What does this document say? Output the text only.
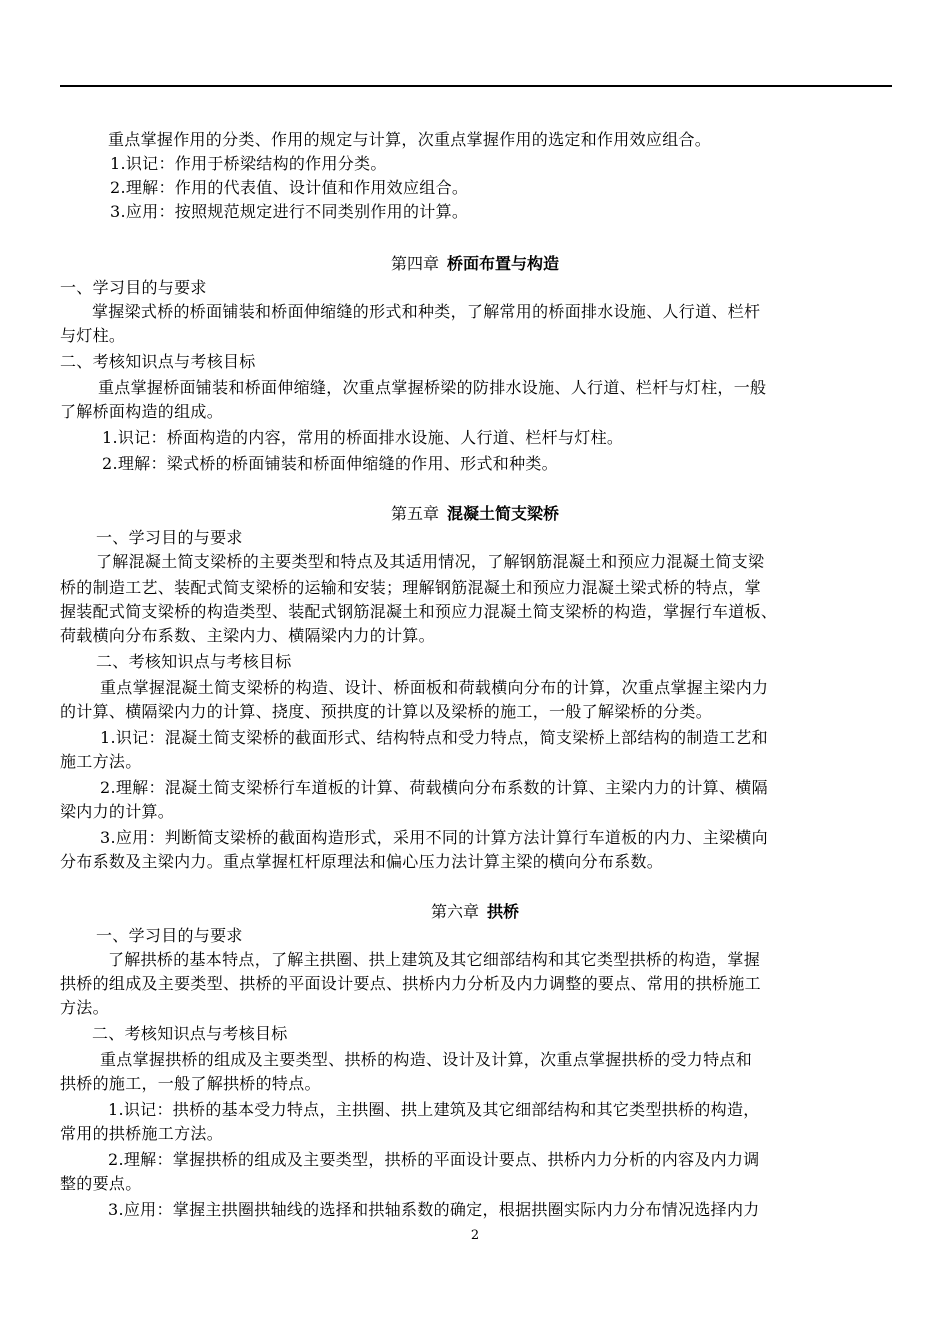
第四章 桥面布置与构造
第五章 混凝土简支梁桥
第六章 拱桥
重点掌握作用的分类、作用的规定与计算，次重点掌握作用的选定和作用效应组合。
1.识记：作用于桥梁结构的作用分类。
2.理解：作用的代表值、设计值和作用效应组合。
3.应用：按照规范规定进行不同类别作用的计算。
一、学习目的与要求
掌握梁式桥的桥面铺装和桥面伸缩缝的形式和种类，了解常用的桥面排水设施、人行道、栏杆
与灯柱。
二、考核知识点与考核目标
重点掌握桥面铺装和桥面伸缩缝，次重点掌握桥梁的防排水设施、人行道、栏杆与灯柱，一般
了解桥面构造的组成。
1.识记：桥面构造的内容，常用的桥面排水设施、人行道、栏杆与灯柱。
2.理解：梁式桥的桥面铺装和桥面伸缩缝的作用、形式和种类。
一、学习目的与要求
了解混凝土简支梁桥的主要类型和特点及其适用情况，了解钢筋混凝土和预应力混凝土简支梁
桥的制造工艺、装配式简支梁桥的运输和安装；理解钢筋混凝土和预应力混凝土梁式桥的特点，掌
握装配式简支梁桥的构造类型、装配式钢筋混凝土和预应力混凝土简支梁桥的构造，掌握行车道板、
荷载横向分布系数、主梁内力、横隔梁内力的计算。
二、考核知识点与考核目标
重点掌握混凝土简支梁桥的构造、设计、桥面板和荷载横向分布的计算，次重点掌握主梁内力
的计算、横隔梁内力的计算、挠度、预拱度的计算以及梁桥的施工，一般了解梁桥的分类。
1.识记：混凝土简支梁桥的截面形式、结构特点和受力特点，简支梁桥上部结构的制造工艺和
施工方法。
2.理解：混凝土简支梁桥行车道板的计算、荷载横向分布系数的计算、主梁内力的计算、横隔
梁内力的计算。
3.应用：判断简支梁桥的截面构造形式，采用不同的计算方法计算行车道板的内力、主梁横向
分布系数及主梁内力。重点掌握杠杆原理法和偏心压力法计算主梁的横向分布系数。
一、学习目的与要求
了解拱桥的基本特点，了解主拱圈、拱上建筑及其它细部结构和其它类型拱桥的构造，掌握
拱桥的组成及主要类型、拱桥的平面设计要点、拱桥内力分析及内力调整的要点、常用的拱桥施工
方法。
二、考核知识点与考核目标
重点掌握拱桥的组成及主要类型、拱桥的构造、设计及计算，次重点掌握拱桥的受力特点和
拱桥的施工，一般了解拱桥的特点。
1.识记：拱桥的基本受力特点，主拱圈、拱上建筑及其它细部结构和其它类型拱桥的构造，
常用的拱桥施工方法。
2.理解：掌握拱桥的组成及主要类型，拱桥的平面设计要点、拱桥内力分析的内容及内力调
整的要点。
3.应用：掌握主拱圈拱轴线的选择和拱轴系数的确定，根据拱圈实际内力分布情况选择内力
2
